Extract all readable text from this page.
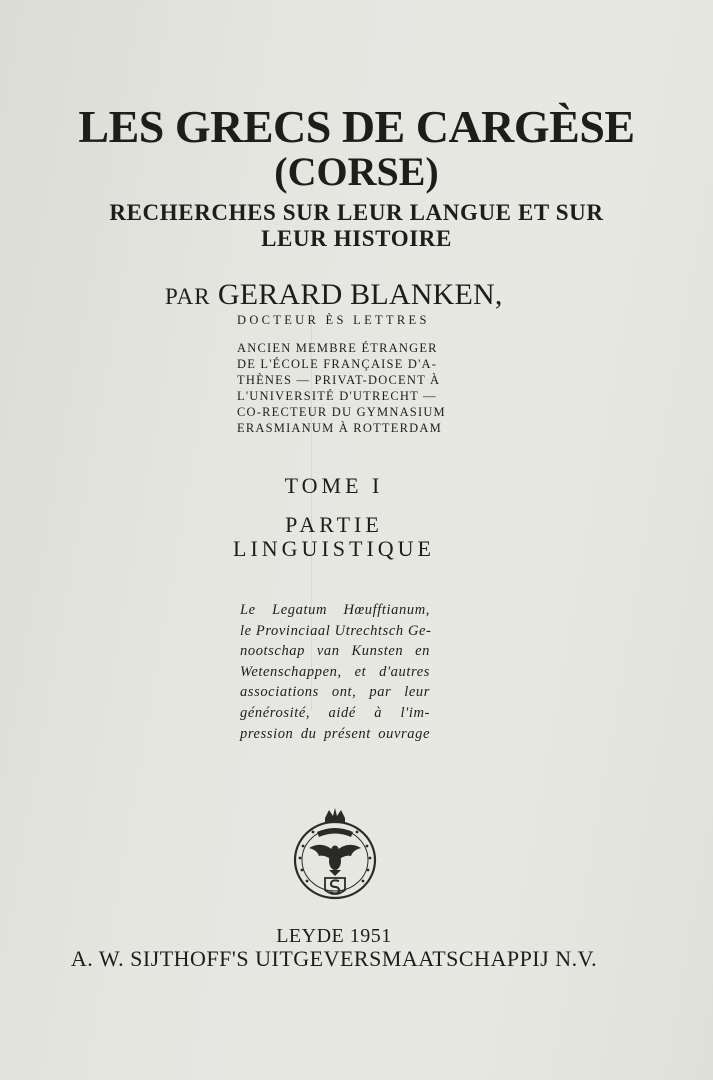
LES GRECS DE CARGÈSE
(CORSE)
RECHERCHES SUR LEUR LANGUE ET SUR
LEUR HISTOIRE
PAR GERARD BLANKEN,
DOCTEUR ÈS LETTRES
ANCIEN MEMBRE ÉTRANGER
DE L'ÉCOLE FRANÇAISE D'A-
THÈNES — PRIVAT-DOCENT À
L'UNIVERSITÉ D'UTRECHT —
CO-RECTEUR DU GYMNASIUM
ERASMIANUM À ROTTERDAM
TOME I
PARTIE
LINGUISTIQUE
Le Legatum Hœufftianum,
le Provinciaal Utrechtsch Ge-
nootschap van Kunsten en
Wetenschappen, et d'autres
associations ont, par leur
générosité, aidé à l'im-
pression du présent ouvrage
LEYDE 1951
A. W. SIJTHOFF'S UITGEVERSMAATSCHAPPIJ N.V.
